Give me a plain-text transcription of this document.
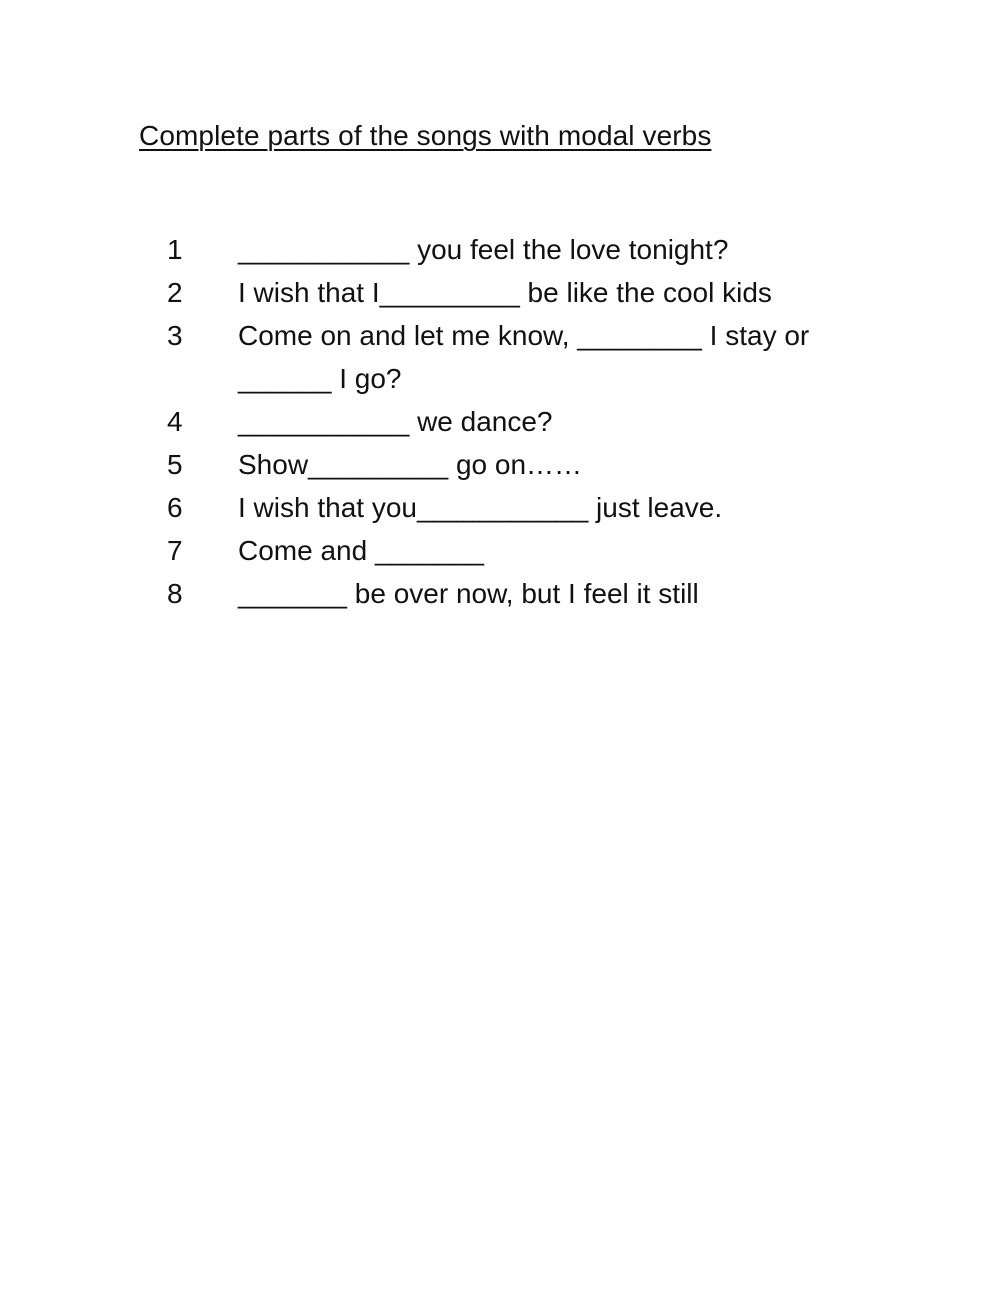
Complete parts of the songs with modal verbs
1 ___________ you feel the love tonight?
2 I wish that I_________ be like the cool kids
3 Come on and let me know, ________ I stay or
______ I go?
4 ___________ we dance?
5 Show_________ go on……
6 I wish that you___________ just leave.
7 Come and _______
8 _______ be over now, but I feel it still
